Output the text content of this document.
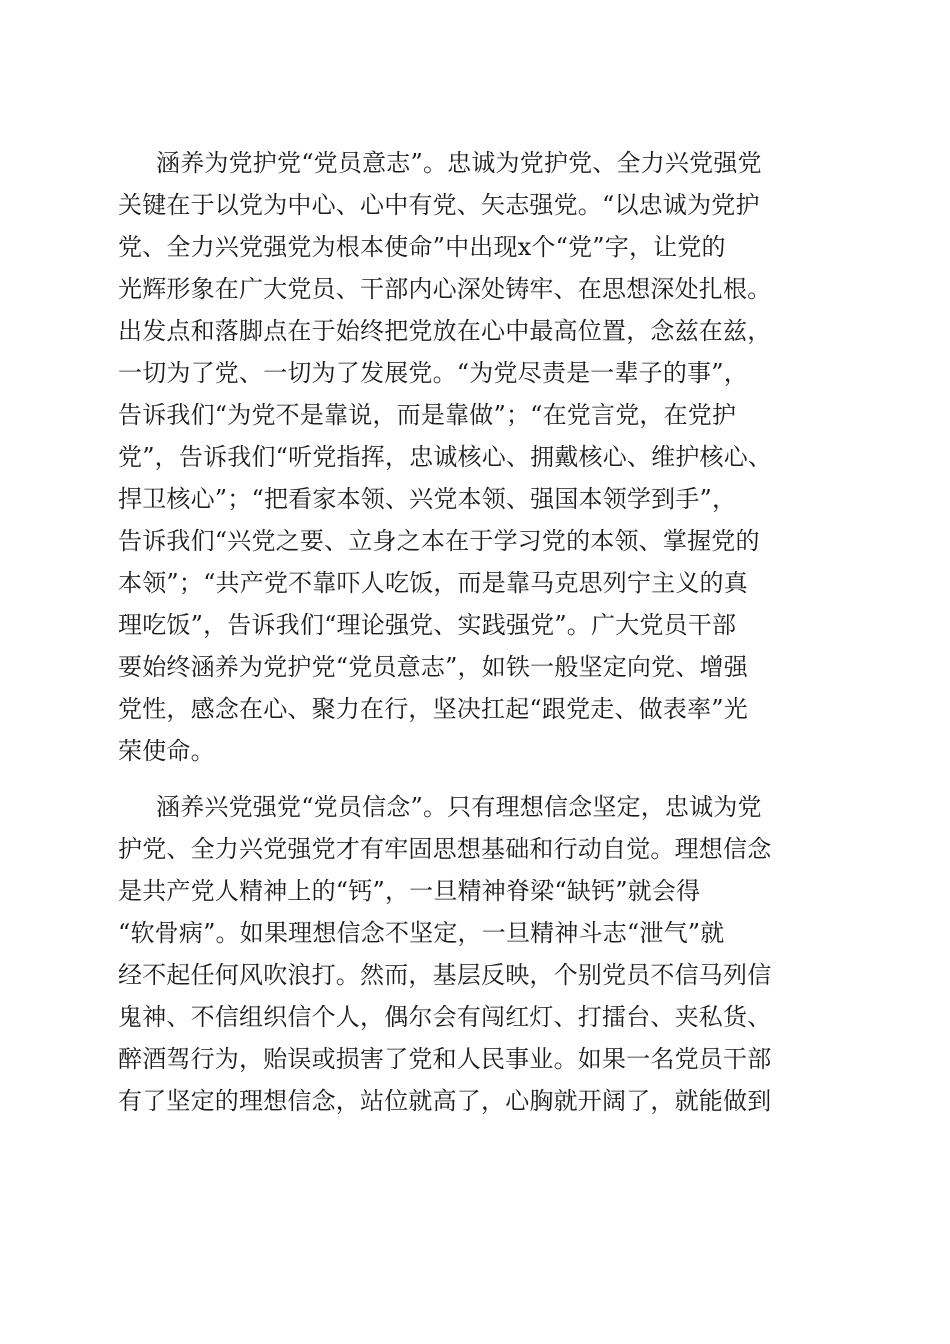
涵养为党护党“党员意志”。忠诚为党护党、全力兴党强党
关键在于以党为中心、心中有党、矢志强党。“以忠诚为党护
党、全力兴党强党为根本使命”中出现x个“党”字，让党的
光辉形象在广大党员、干部内心深处铸牢、在思想深处扎根。
出发点和落脚点在于始终把党放在心中最高位置，念兹在兹，
一切为了党、一切为了发展党。“为党尽责是一辈子的事”，
告诉我们“为党不是靠说，而是靠做”；“在党言党，在党护
党”，告诉我们“听党指挥，忠诚核心、拥戴核心、维护核心、
捍卫核心”；“把看家本领、兴党本领、强国本领学到手”，
告诉我们“兴党之要、立身之本在于学习党的本领、掌握党的
本领”；“共产党不靠吓人吃饭，而是靠马克思列宁主义的真
理吃饭”，告诉我们“理论强党、实践强党”。广大党员干部
要始终涵养为党护党“党员意志”，如铁一般坚定向党、增强
党性，感念在心、聚力在行，坚决扛起“跟党走、做表率”光
荣使命。
涵养兴党强党“党员信念”。只有理想信念坚定，忠诚为党
护党、全力兴党强党才有牢固思想基础和行动自觉。理想信念
是共产党人精神上的“钙”，一旦精神脊梁“缺钙”就会得
“软骨病”。如果理想信念不坚定，一旦精神斗志“泄气”就
经不起任何风吹浪打。然而，基层反映，个别党员不信马列信
鬼神、不信组织信个人，偶尔会有闯红灯、打擂台、夹私货、
醉酒驾行为，贻误或损害了党和人民事业。如果一名党员干部
有了坚定的理想信念，站位就高了，心胸就开阔了，就能做到
